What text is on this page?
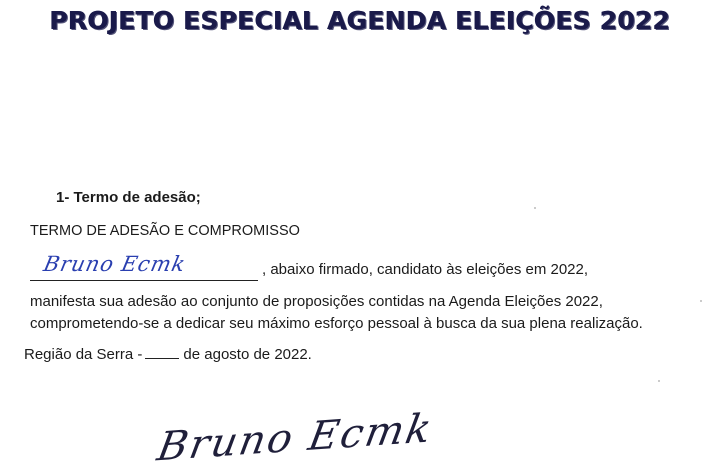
PROJETO ESPECIAL AGENDA ELEIÇÕES 2022
1- Termo de adesão;
TERMO DE ADESÃO E COMPROMISSO
Bruno Ecmk	, abaixo firmado, candidato às eleições em 2022,
manifesta sua adesão ao conjunto de proposições contidas na Agenda Eleições 2022,
comprometendo-se a dedicar seu máximo esforço pessoal à busca da sua plena realização.
Região da Serra -	de agosto de 2022.
Bruno Ecmk
